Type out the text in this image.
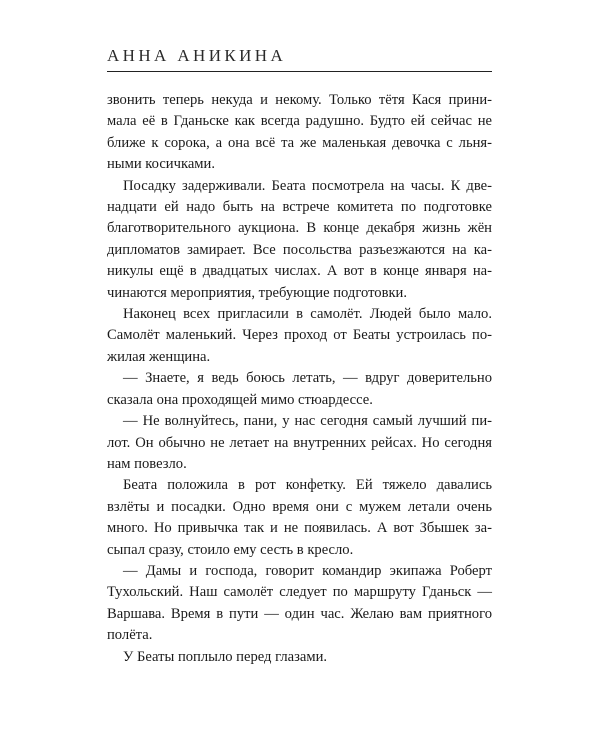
АННА АНИКИНА
звонить теперь некуда и некому. Только тётя Кася прини-
мала её в Гданьске как всегда радушно. Будто ей сейчас не
ближе к сорока, а она всё та же маленькая девочка с льня-
ными косичками.
Посадку задерживали. Беата посмотрела на часы. К две-
надцати ей надо быть на встрече комитета по подготовке
благотворительного аукциона. В конце декабря жизнь жён
дипломатов замирает. Все посольства разъезжаются на ка-
никулы ещё в двадцатых числах. А вот в конце января на-
чинаются мероприятия, требующие подготовки.
Наконец всех пригласили в самолёт. Людей было мало.
Самолёт маленький. Через проход от Беаты устроилась по-
жилая женщина.
— Знаете, я ведь боюсь летать, — вдруг доверительно
сказала она проходящей мимо стюардессе.
— Не волнуйтесь, пани, у нас сегодня самый лучший пи-
лот. Он обычно не летает на внутренних рейсах. Но сегодня
нам повезло.
Беата положила в рот конфетку. Ей тяжело давались
взлёты и посадки. Одно время они с мужем летали очень
много. Но привычка так и не появилась. А вот Збышек за-
сыпал сразу, стоило ему сесть в кресло.
— Дамы и господа, говорит командир экипажа Роберт
Тухольский. Наш самолёт следует по маршруту Гданьск —
Варшава. Время в пути — один час. Желаю вам приятного
полёта.
У Беаты поплыло перед глазами.
